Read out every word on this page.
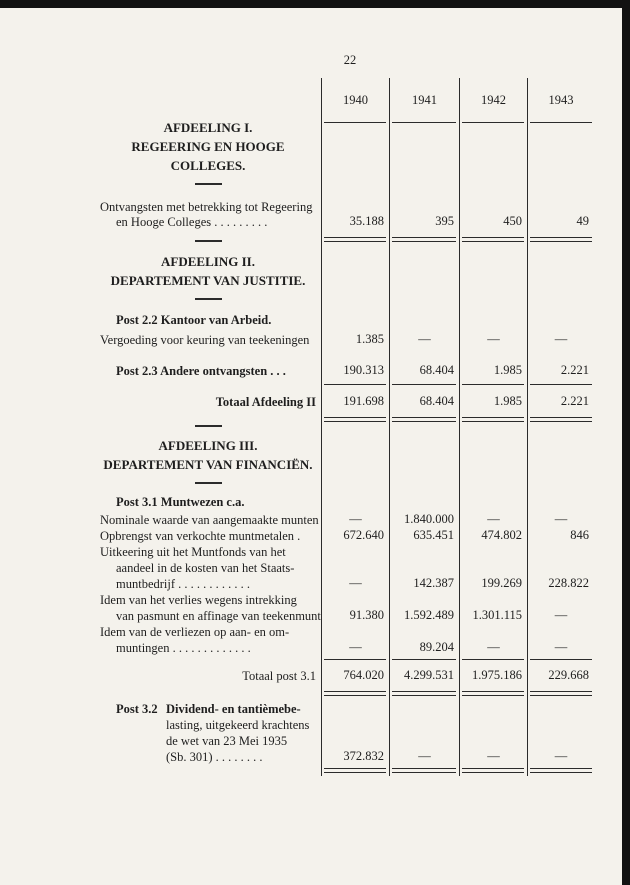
22
1940	1941	1942	1943
AFDEELING I.
REGEERING EN HOOGE
COLLEGES.
Ontvangsten met betrekking tot Regeering
en Hooge Colleges . . . . . . . . .	35.188	395	450	49
AFDEELING II.
DEPARTEMENT VAN JUSTITIE.
Post 2.2 Kantoor van Arbeid.
Vergoeding voor keuring van teekeningen	1.385	—	—	—
Post 2.3 Andere ontvangsten . . .	190.313	68.404	1.985	2.221
Totaal Afdeeling II	191.698	68.404	1.985	2.221
AFDEELING III.
DEPARTEMENT VAN FINANCIËN.
Post 3.1 Muntwezen c.a.
Nominale waarde van aangemaakte munten	—	1.840.000	—	—
Opbrengst van verkochte muntmetalen .	672.640	635.451	474.802	846
Uitkeering uit het Muntfonds van het
aandeel in de kosten van het Staats-
muntbedrijf . . . . . . . . . . . .	—	142.387	199.269	228.822
Idem van het verlies wegens intrekking
van pasmunt en affinage van teekenmunt	91.380	1.592.489	1.301.115	—
Idem van de verliezen op aan- en om-
muntingen . . . . . . . . . . . . .	—	89.204	—	—
Totaal post 3.1	764.020	4.299.531	1.975.186	229.668
Post 3.2 Dividend- en tantièmebe-
lasting, uitgekeerd krachtens
de wet van 23 Mei 1935
(Sb. 301) . . . . . . . .	372.832	—	—	—
